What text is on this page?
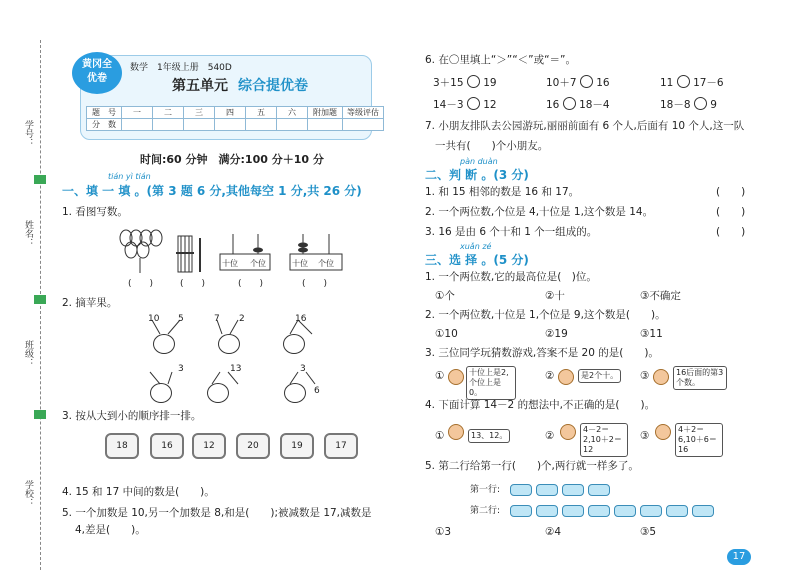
学号：
姓名：
班级：
学校：
黄冈全优卷
数学　1年级上册　540D
第五单元 综合提优卷
题　号	一	二	三	四	五	六	附加题	等级评估
分　数								
时间:60 分钟　满分:100 分＋10 分
tián yì tián
一、填 一 填 。(第 3 题 6 分,其他每空 1 分,共 26 分)
1. 看图写数。
十位 个位	十位 个位
(　　)	(　　)	(　　)	(　　)
2. 摘苹果。
10 5	7 2	16
3	13	3
6
3. 按从大到小的顺序排一排。
18	16	12	20	19	17
4. 15 和 17 中间的数是(　　)。
5. 一个加数是 10,另一个加数是 8,和是(　　);被减数是 17,减数是
4,差是(　　)。
6. 在〇里填上“＞”“＜”或“＝”。
3＋15 19	10＋7 16	11 17－6
14－3 12	16 18－4	18－8 9
7. 小朋友排队去公园游玩,丽丽前面有 6 个人,后面有 10 个人,这一队
一共有(　　)个小朋友。
pàn duàn
二、判 断 。(3 分)
1. 和 15 相邻的数是 16 和 17。	(　　)
2. 一个两位数,个位是 4,十位是 1,这个数是 14。	(　　)
3. 16 是由 6 个十和 1 个一组成的。	(　　)
xuǎn zé
三、选 择 。(5 分)
1. 一个两位数,它的最高位是(　)位。
①个	②十	③不确定
2. 一个两位数,十位是 1,个位是 9,这个数是(　　)。
①10	②19	③11
3. 三位同学玩猜数游戏,答案不是 20 的是(　　)。
①	十位上是2,个位上是0。
②	是2个十。 ③	16后面的第3个数。
4. 下面计算 14－2 的想法中,不正确的是(　　)。
①	13、12。	②
4－2＝2,10＋2＝12
③
4＋2＝6,10＋6＝16
5. 第二行给第一行(　　)个,两行就一样多了。
第一行:
第二行:
①3	②4	③5
17
